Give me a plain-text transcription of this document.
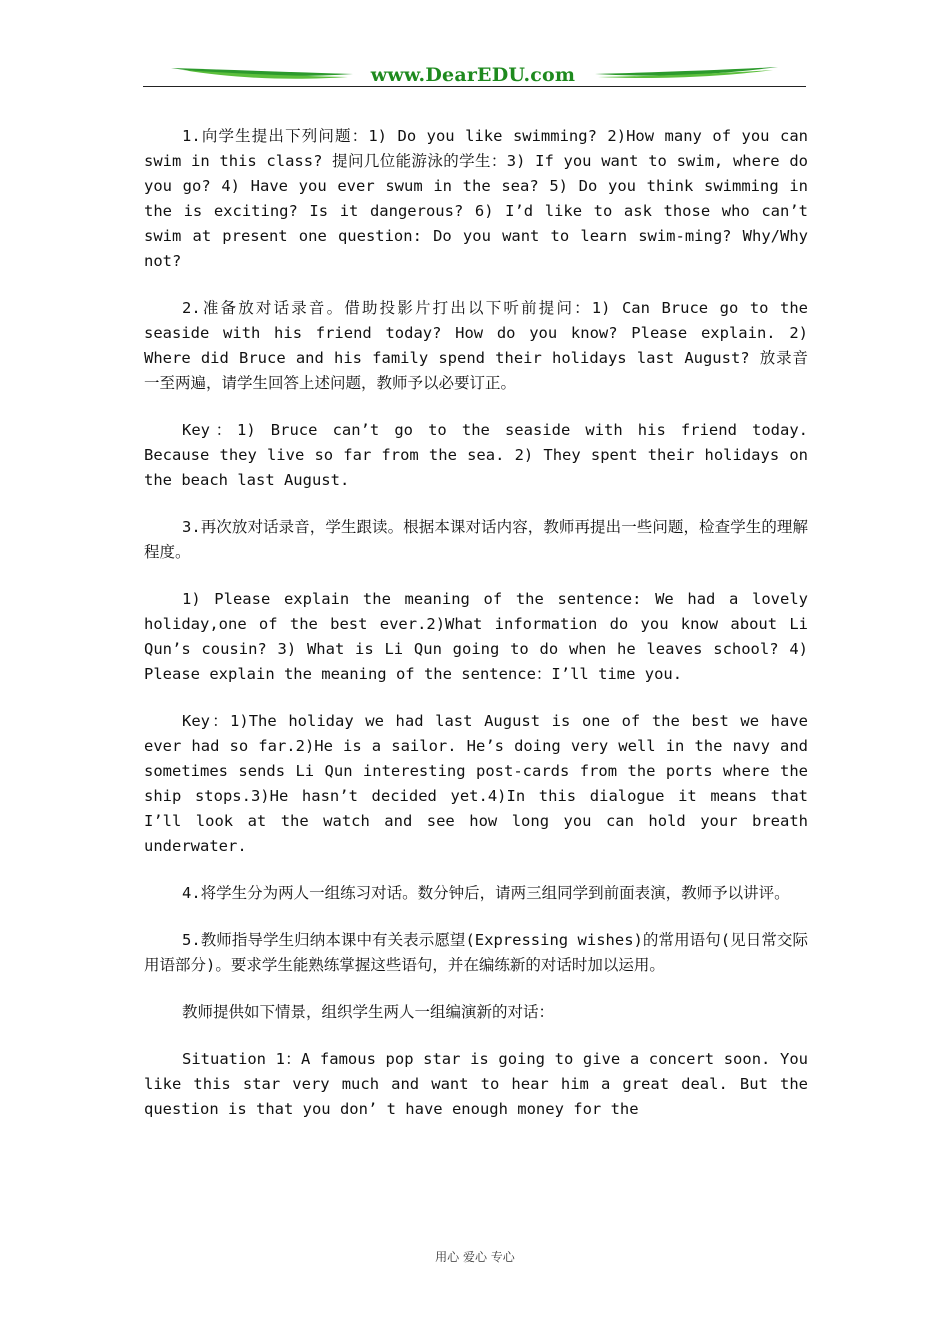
www.DearEDU.com

1.向学生提出下列问题：1) Do you like swimming? 2)How many of you can swim in this class? 提问几位能游泳的学生：3) If you want to swim, where do you go? 4) Have you ever swum in the sea? 5) Do you think swimming in the is exciting? Is it dangerous? 6) I’d like to ask those who can’t swim at present one question: Do you want to learn swim-ming? Why/Why not?

2.准备放对话录音。借助投影片打出以下听前提问：1) Can Bruce go to the seaside with his friend today? How do you know? Please explain. 2) Where did Bruce and his family spend their holidays last August? 放录音一至两遍，请学生回答上述问题，教师予以必要订正。

Key：1) Bruce can’t go to the seaside with his friend today. Because they live so far from the sea. 2) They spent their holidays on the beach last August.

3.再次放对话录音，学生跟读。根据本课对话内容，教师再提出一些问题，检查学生的理解程度。

1) Please explain the meaning of the sentence: We had a lovely holiday,one of the best ever.2)What information do you know about Li Qun’s cousin? 3) What is Li Qun going to do when he leaves school? 4) Please explain the meaning of the sentence：I’ll time you.

Key：1)The holiday we had last August is one of the best we have ever had so far.2)He is a sailor. He’s doing very well in the navy and sometimes sends Li Qun interesting post-cards from the ports where the ship stops.3)He hasn’t decided yet.4)In this dialogue it means that I’ll look at the watch and see how long you can hold your breath underwater.

4.将学生分为两人一组练习对话。数分钟后，请两三组同学到前面表演，教师予以讲评。

5.教师指导学生归纳本课中有关表示愿望(Expressing wishes)的常用语句(见日常交际用语部分)。要求学生能熟练掌握这些语句，并在编练新的对话时加以运用。

教师提供如下情景，组织学生两人一组编演新的对话：

Situation 1：A famous pop star is going to give a concert soon. You like this star very much and want to hear him a great deal. But the question is that you don’ t have enough money for the

用心 爱心 专心
